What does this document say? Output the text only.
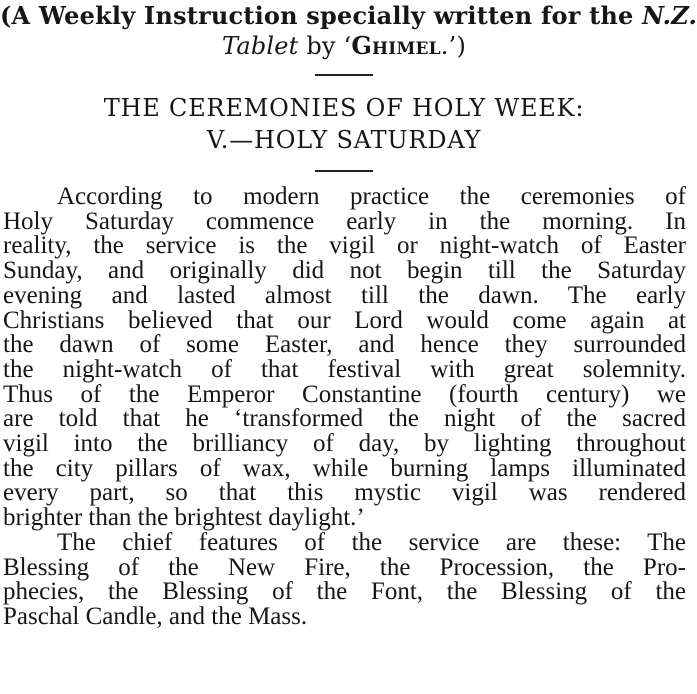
(A Weekly Instruction specially written for the N.Z.
Tablet by ‘Ghimel.’)
THE CEREMONIES OF HOLY WEEK:
V.—HOLY SATURDAY

According to modern practice the ceremonies of
Holy Saturday commence early in the morning. In
reality, the service is the vigil or night-watch of Easter
Sunday, and originally did not begin till the Saturday
evening and lasted almost till the dawn. The early
Christians believed that our Lord would come again at
the dawn of some Easter, and hence they surrounded
the night-watch of that festival with great solemnity.
Thus of the Emperor Constantine (fourth century) we
are told that he ‘transformed the night of the sacred
vigil into the brilliancy of day, by lighting throughout
the city pillars of wax, while burning lamps illuminated
every part, so that this mystic vigil was rendered
brighter than the brightest daylight.’

The chief features of the service are these: The
Blessing of the New Fire, the Procession, the Pro-
phecies, the Blessing of the Font, the Blessing of the
Paschal Candle, and the Mass.
